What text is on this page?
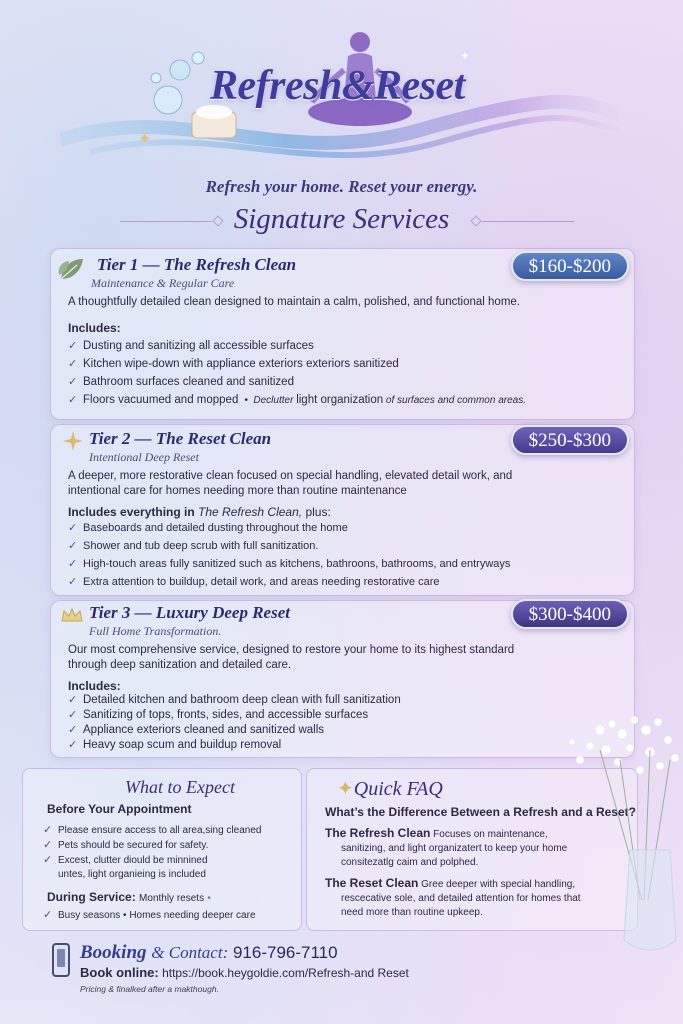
✦
✦
Refresh&Reset
Refresh your home. Reset your energy.
Signature Services
Tier 1 — The Refresh Clean
Maintenance & Regular Care
$160-$200
A thoughtfully detailed clean designed to maintain a calm, polished, and functional home.
Includes:
✓ Dusting and sanitizing all accessible surfaces
✓ Kitchen wipe-down with appliance exteriors exteriors sanitized
✓ Bathroom surfaces cleaned and sanitized
✓ Floors vacuumed and mopped  •  Declutter light organization of surfaces and common areas.
Tier 2 — The Reset Clean
Intentional Deep Reset
$250-$300
A deeper, more restorative clean focused on special handling, elevated detail work, and
intentional care for homes needing more than routine maintenance
Includes everything in The Refresh Clean, plus:
✓ Baseboards and detailed dusting throughout the home
✓ Shower and tub deep scrub with full sanitization.
✓ High-touch areas fully sanitized such as kitchens, bathroons, bathrooms, and entryways
✓ Extra attention to buildup, detail work, and areas needing restorative care
Tier 3 — Luxury Deep Reset
Full Home Transformation.
$300-$400
Our most comprehensive service, designed to restore your home to its highest standard
through deep sanitization and detailed care.
Includes:
✓ Detailed kitchen and bathroom deep clean with full sanitization
✓ Sanitizing of tops, fronts, sides, and accessible surfaces
✓ Appliance exteriors cleaned and sanitized walls
✓ Heavy soap scum and buildup removal
What to Expect
Before Your Appointment
✓ Please ensure access to all area,sing cleaned
✓ Pets should be secured for safety.
✓ Excest, clutter diould be minnined
untes, light organieing is included
During Service: Monthly resets •
✓ Busy seasons • Homes needing deeper care
✦Quick FAQ
What’s the Difference Between a Refresh and a Reset?
The Refresh Clean Focuses on maintenance,
sanitizing, and light organizatert to keep your home
consitezatlg caim and polphed.
The Reset Clean Gree deeper with special handling,
rescecative sole, and detailed attention for homes that
need more than routine upkeep.
Booking & Contact: 916-796-7110
Book online: https://book.heygoldie.com/Refresh-and Reset
Pricing & finalked after a makthough.
